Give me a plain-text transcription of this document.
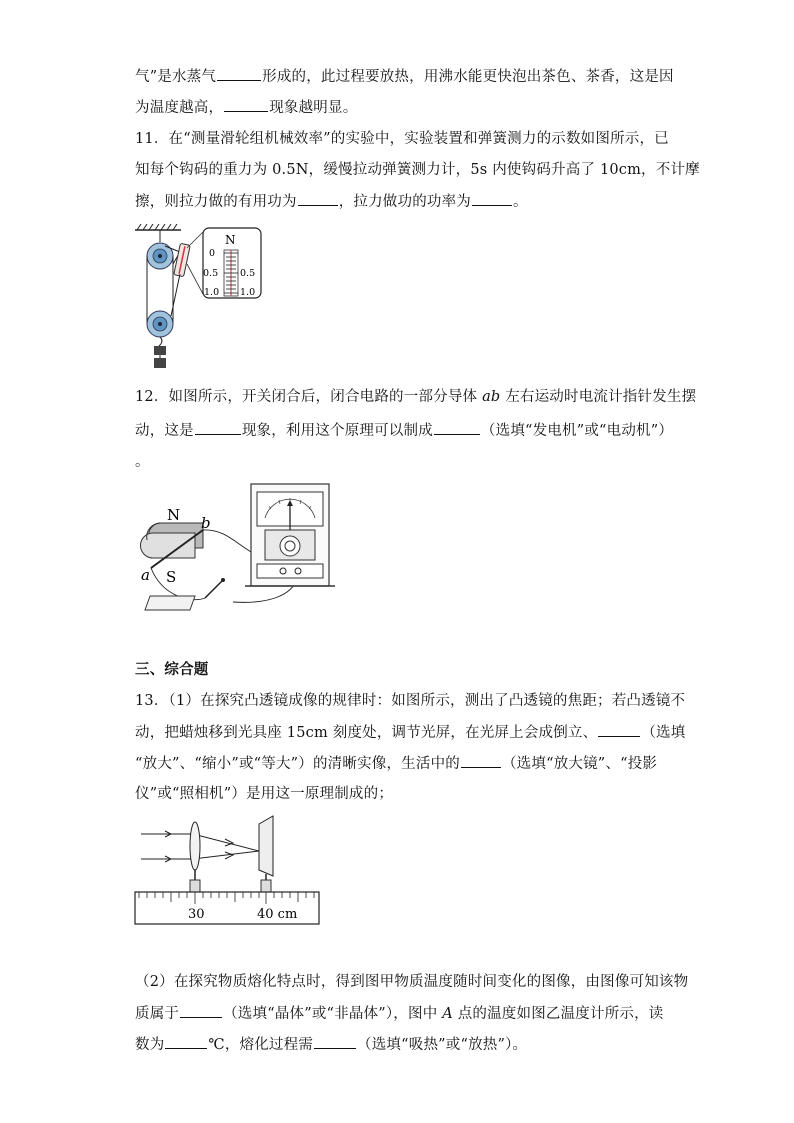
气”是水蒸气	形成的，此过程要放热，用沸水能更快泡出茶色、茶香，这是因
为温度越高，	现象越明显。
11．在“测量滑轮组机械效率”的实验中，实验装置和弹簧测力的示数如图所示，已
知每个钩码的重力为 0.5N，缓慢拉动弹簧测力计，5s 内使钩码升高了 10cm，不计摩
擦，则拉力做的有用功为	，拉力做功的功率为	。
N
0
0.5 0.5
1.0 1.0
12．如图所示，开关闭合后，闭合电路的一部分导体 ab 左右运动时电流计指针发生摆
动，这是	现象，利用这个原理可以制成	（选填“发电机”或“电动机”）
。
N
S
a
b
三、综合题
13．（1）在探究凸透镜成像的规律时：如图所示，测出了凸透镜的焦距；若凸透镜不
动，把蜡烛移到光具座 15cm 刻度处，调节光屏，在光屏上会成倒立、	（选填
“放大”、“缩小”或“等大”）的清晰实像，生活中的	（选填“放大镜”、“投影
仪”或“照相机”）是用这一原理制成的；
30	40 cm
（2）在探究物质熔化特点时，得到图甲物质温度随时间变化的图像，由图像可知该物
质属于	（选填“晶体”或“非晶体”），图中 A 点的温度如图乙温度计所示，读
数为	℃，熔化过程需	（选填“吸热”或“放热”）。
